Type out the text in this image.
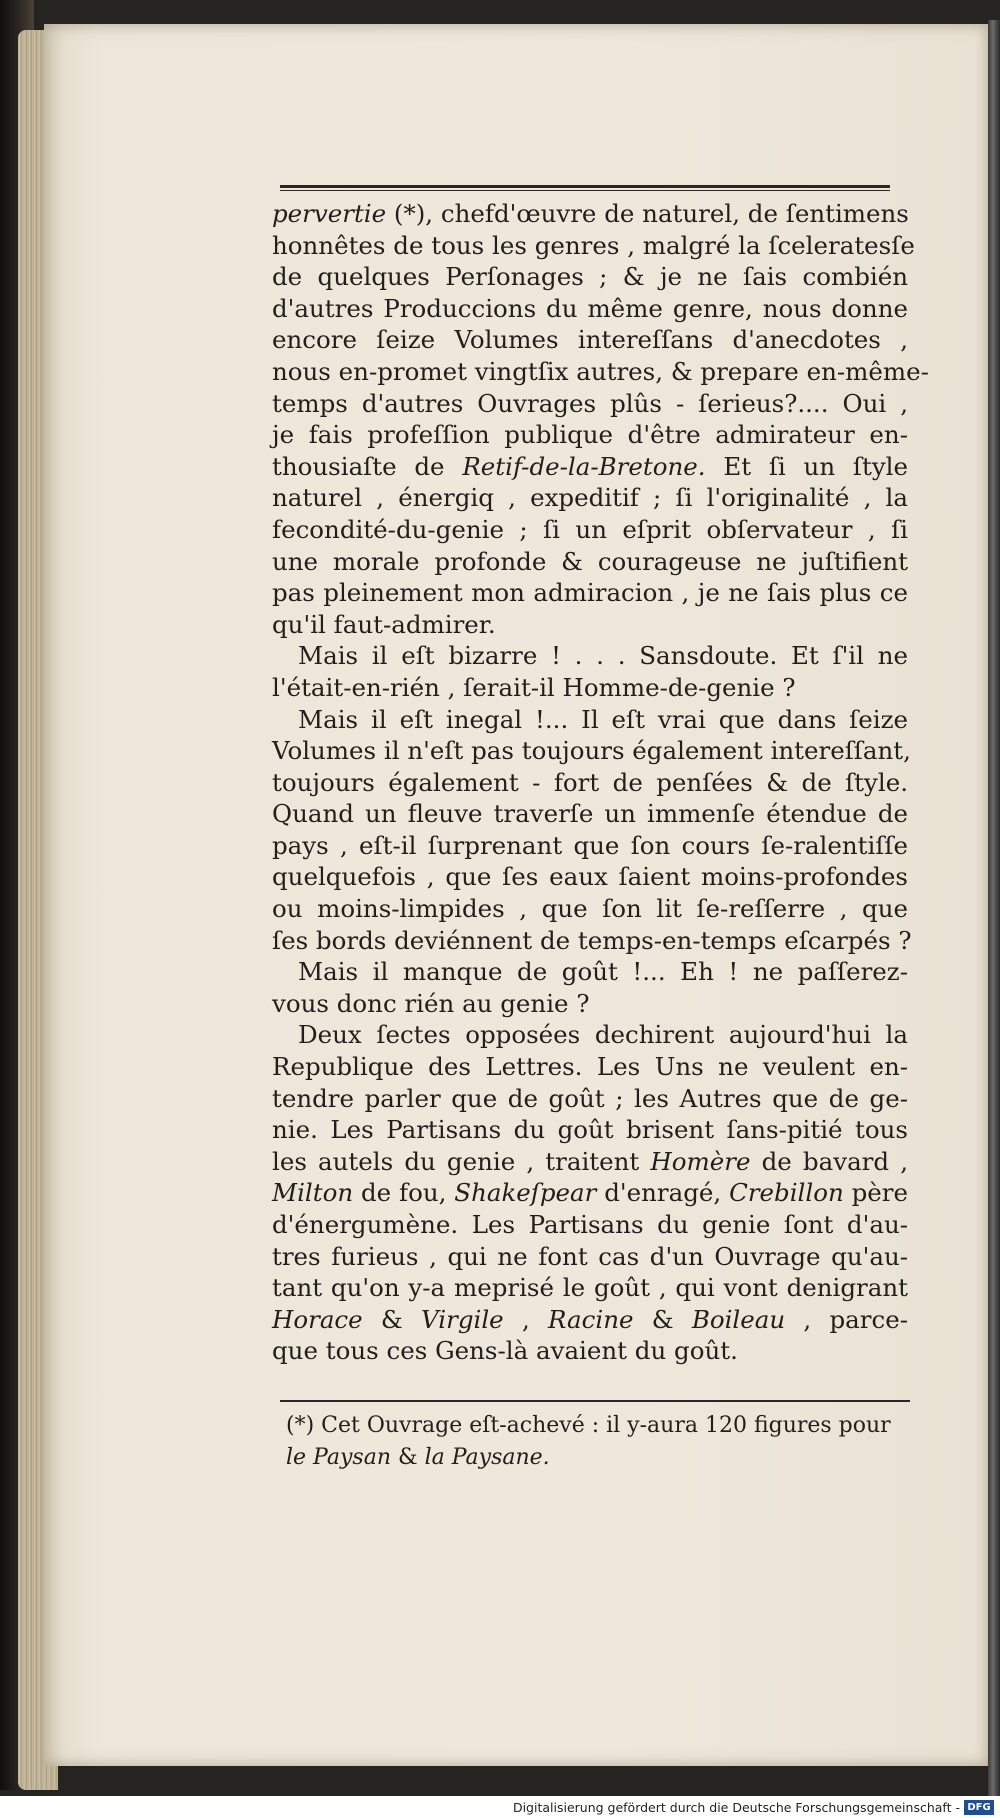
pervertie (*), chefd'œuvre de naturel, de ſentimens
honnêtes de tous les genres , malgré la ſceleratesſe
de quelques Perſonages ; & je ne ſais combién
d'autres Produccions du même genre, nous donne
encore ſeize Volumes intereſſans d'anecdotes ,
nous en-promet vingtſix autres, & prepare en-même-
temps d'autres Ouvrages plûs - ſerieus?.... Oui ,
je fais profeſſion publique d'être admirateur en-
thousiaſte de Retif-de-la-Bretone. Et ſi un ſtyle
naturel , énergiq , expeditif ; ſi l'originalité , la
fecondité-du-genie ; ſi un eſprit obſervateur , ſi
une morale profonde & courageuse ne juſtifient
pas pleinement mon admiracion , je ne ſais plus ce
qu'il faut-admirer.
Mais il eſt bizarre ! . . . Sansdoute. Et ſ'il ne
l'était-en-rién , ſerait-il Homme-de-genie ?
Mais il eſt inegal !... Il eſt vrai que dans ſeize
Volumes il n'eſt pas toujours également intereſſant,
toujours également - fort de penſées & de ſtyle.
Quand un fleuve traverſe un immenſe étendue de
pays , eſt-il ſurprenant que ſon cours ſe-ralentiſſe
quelquefois , que ſes eaux ſaient moins-profondes
ou moins-limpides , que ſon lit ſe-reſſerre , que
ſes bords deviénnent de temps-en-temps eſcarpés ?
Mais il manque de goût !... Eh ! ne paſſerez-
vous donc rién au genie ?
Deux ſectes opposées dechirent aujourd'hui la
Republique des Lettres. Les Uns ne veulent en-
tendre parler que de goût ; les Autres que de ge-
nie. Les Partisans du goût brisent ſans-pitié tous
les autels du genie , traitent Homère de bavard ,
Milton de fou, Shakeſpear d'enragé, Crebillon père
d'énergumène. Les Partisans du genie ſont d'au-
tres furieus , qui ne font cas d'un Ouvrage qu'au-
tant qu'on y-a meprisé le goût , qui vont denigrant
Horace & Virgile , Racine & Boileau , parce-
que tous ces Gens-là avaient du goût.
(*) Cet Ouvrage eſt-achevé : il y-aura 120 figures pour
le Paysan & la Paysane.
Digitalisierung gefördert durch die Deutsche Forschungsgemeinschaft - DFG
